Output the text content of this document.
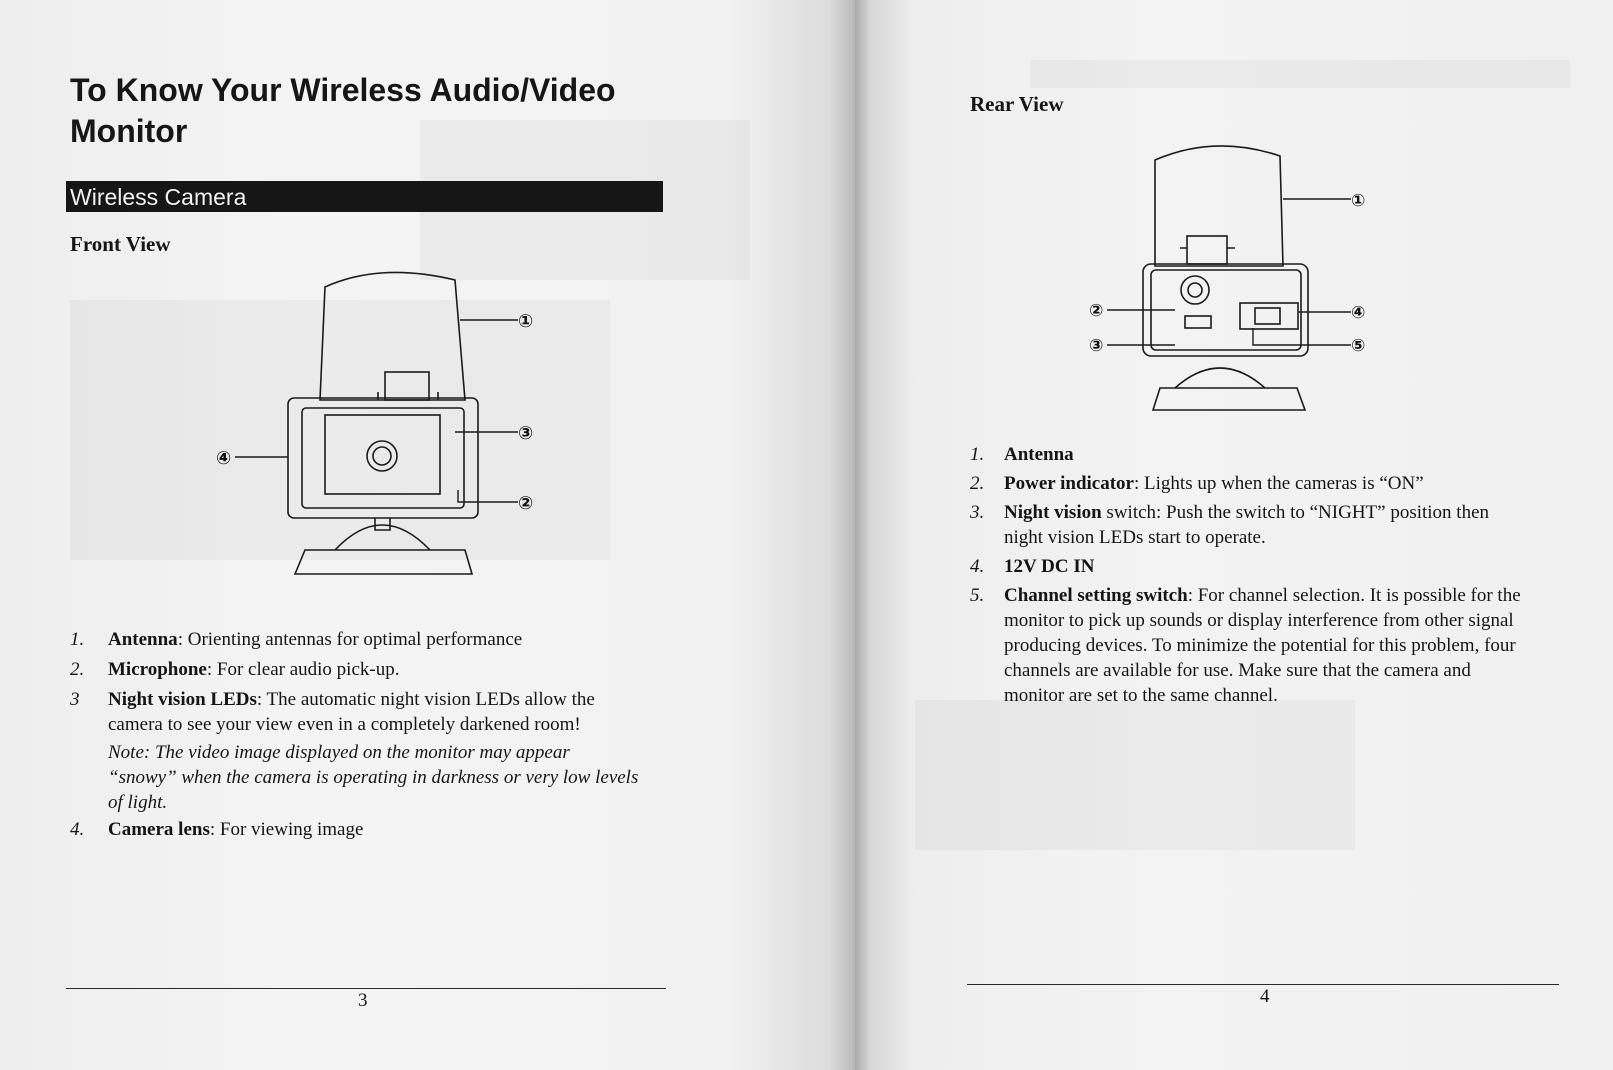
To Know Your Wireless Audio/Video Monitor
Wireless Camera
Front View
①
④
③
②
1. Antenna: Orienting antennas for optimal performance
2. Microphone: For clear audio pick-up.
3 Night vision LEDs: The automatic night vision LEDs allow the camera to see your view even in a completely darkened room!
Note: The video image displayed on the monitor may appear “snowy” when the camera is operating in darkness or very low levels of light.
4. Camera lens: For viewing image

3

Rear View
①
②
③
④
⑤
1. Antenna
2. Power indicator: Lights up when the cameras is “ON”
3. Night vision switch: Push the switch to “NIGHT” position then night vision LEDs start to operate.
4. 12V DC IN
5. Channel setting switch: For channel selection. It is possible for the monitor to pick up sounds or display interference from other signal producing devices. To minimize the potential for this problem, four channels are available for use. Make sure that the camera and monitor are set to the same channel.

4
